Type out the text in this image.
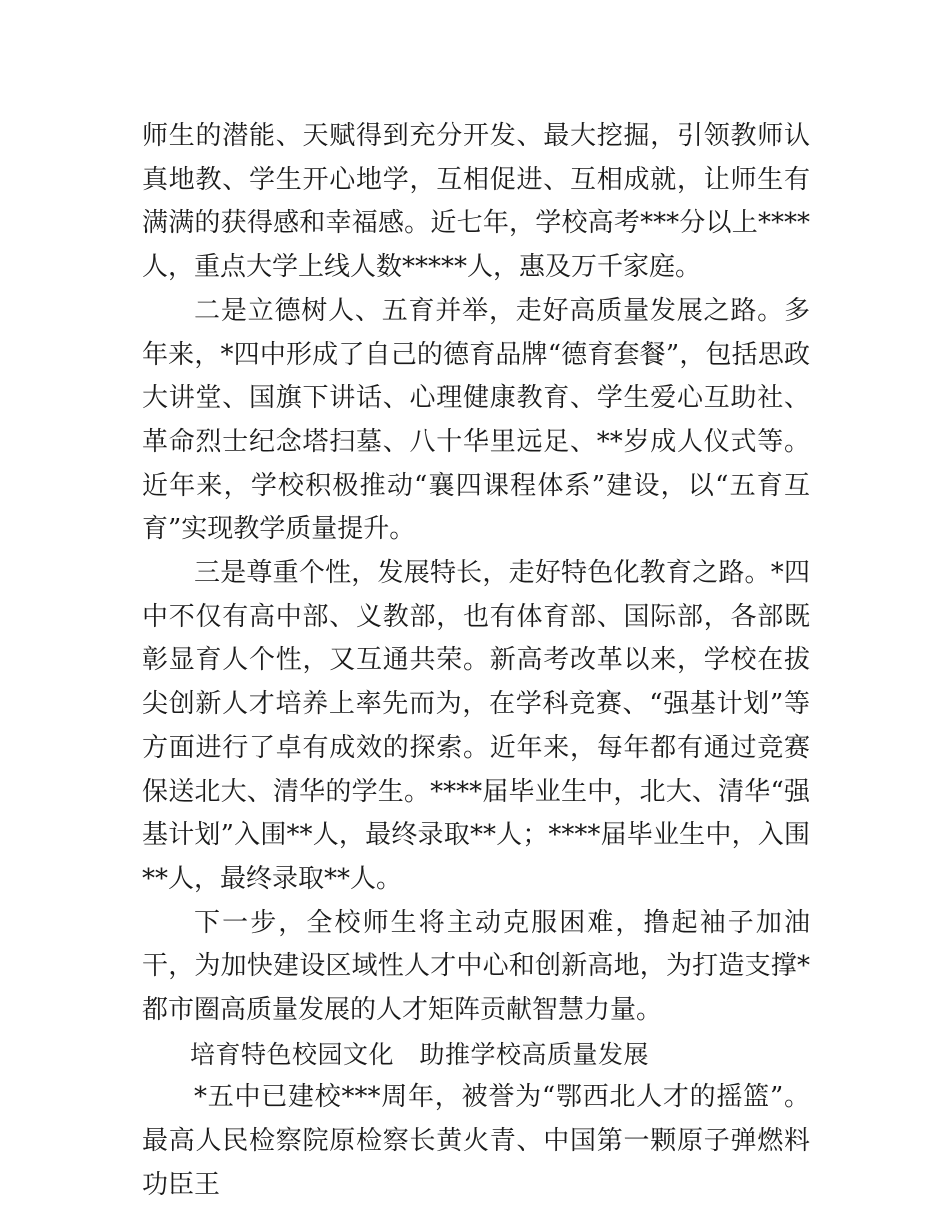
师生的潜能、天赋得到充分开发、最大挖掘，引领教师认真地教、学生开心地学，互相促进、互相成就，让师生有满满的获得感和幸福感。近七年，学校高考***分以上****人，重点大学上线人数*****人，惠及万千家庭。

二是立德树人、五育并举，走好高质量发展之路。多年来，*四中形成了自己的德育品牌“德育套餐”，包括思政大讲堂、国旗下讲话、心理健康教育、学生爱心互助社、革命烈士纪念塔扫墓、八十华里远足、**岁成人仪式等。近年来，学校积极推动“襄四课程体系”建设，以“五育互育”实现教学质量提升。

三是尊重个性，发展特长，走好特色化教育之路。*四中不仅有高中部、义教部，也有体育部、国际部，各部既彰显育人个性，又互通共荣。新高考改革以来，学校在拔尖创新人才培养上率先而为，在学科竞赛、“强基计划”等方面进行了卓有成效的探索。近年来，每年都有通过竞赛保送北大、清华的学生。****届毕业生中，北大、清华“强基计划”入围**人，最终录取**人；****届毕业生中，入围**人，最终录取**人。

下一步，全校师生将主动克服困难，撸起袖子加油干，为加快建设区域性人才中心和创新高地，为打造支撑*都市圈高质量发展的人才矩阵贡献智慧力量。

培育特色校园文化　助推学校高质量发展

*五中已建校***周年，被誉为“鄂西北人才的摇篮”。最高人民检察院原检察长黄火青、中国第一颗原子弹燃料功臣王
